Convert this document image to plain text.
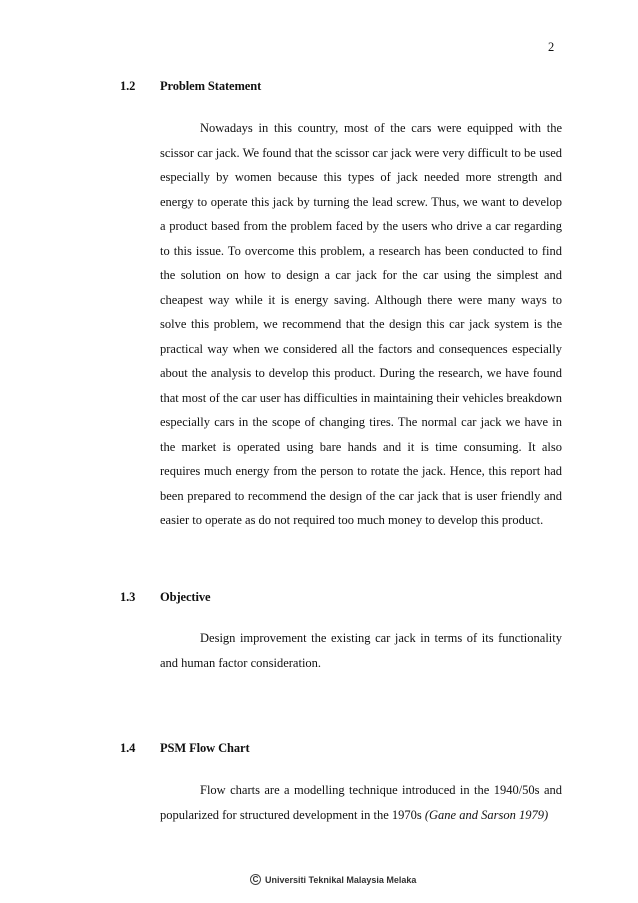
2
1.2 Problem Statement

Nowadays in this country, most of the cars were equipped with the scissor car jack. We found that the scissor car jack were very difficult to be used especially by women because this types of jack needed more strength and energy to operate this jack by turning the lead screw. Thus, we want to develop a product based from the problem faced by the users who drive a car regarding to this issue. To overcome this problem, a research has been conducted to find the solution on how to design a car jack for the car using the simplest and cheapest way while it is energy saving. Although there were many ways to solve this problem, we recommend that the design this car jack system is the practical way when we considered all the factors and consequences especially about the analysis to develop this product. During the research, we have found that most of the car user has difficulties in maintaining their vehicles breakdown especially cars in the scope of changing tires. The normal car jack we have in the market is operated using bare hands and it is time consuming. It also requires much energy from the person to rotate the jack. Hence, this report had been prepared to recommend the design of the car jack that is user friendly and easier to operate as do not required too much money to develop this product.

1.3 Objective

Design improvement the existing car jack in terms of its functionality and human factor consideration.

1.4 PSM Flow Chart

Flow charts are a modelling technique introduced in the 1940/50s and popularized for structured development in the 1970s (Gane and Sarson 1979)

C Universiti Teknikal Malaysia Melaka
